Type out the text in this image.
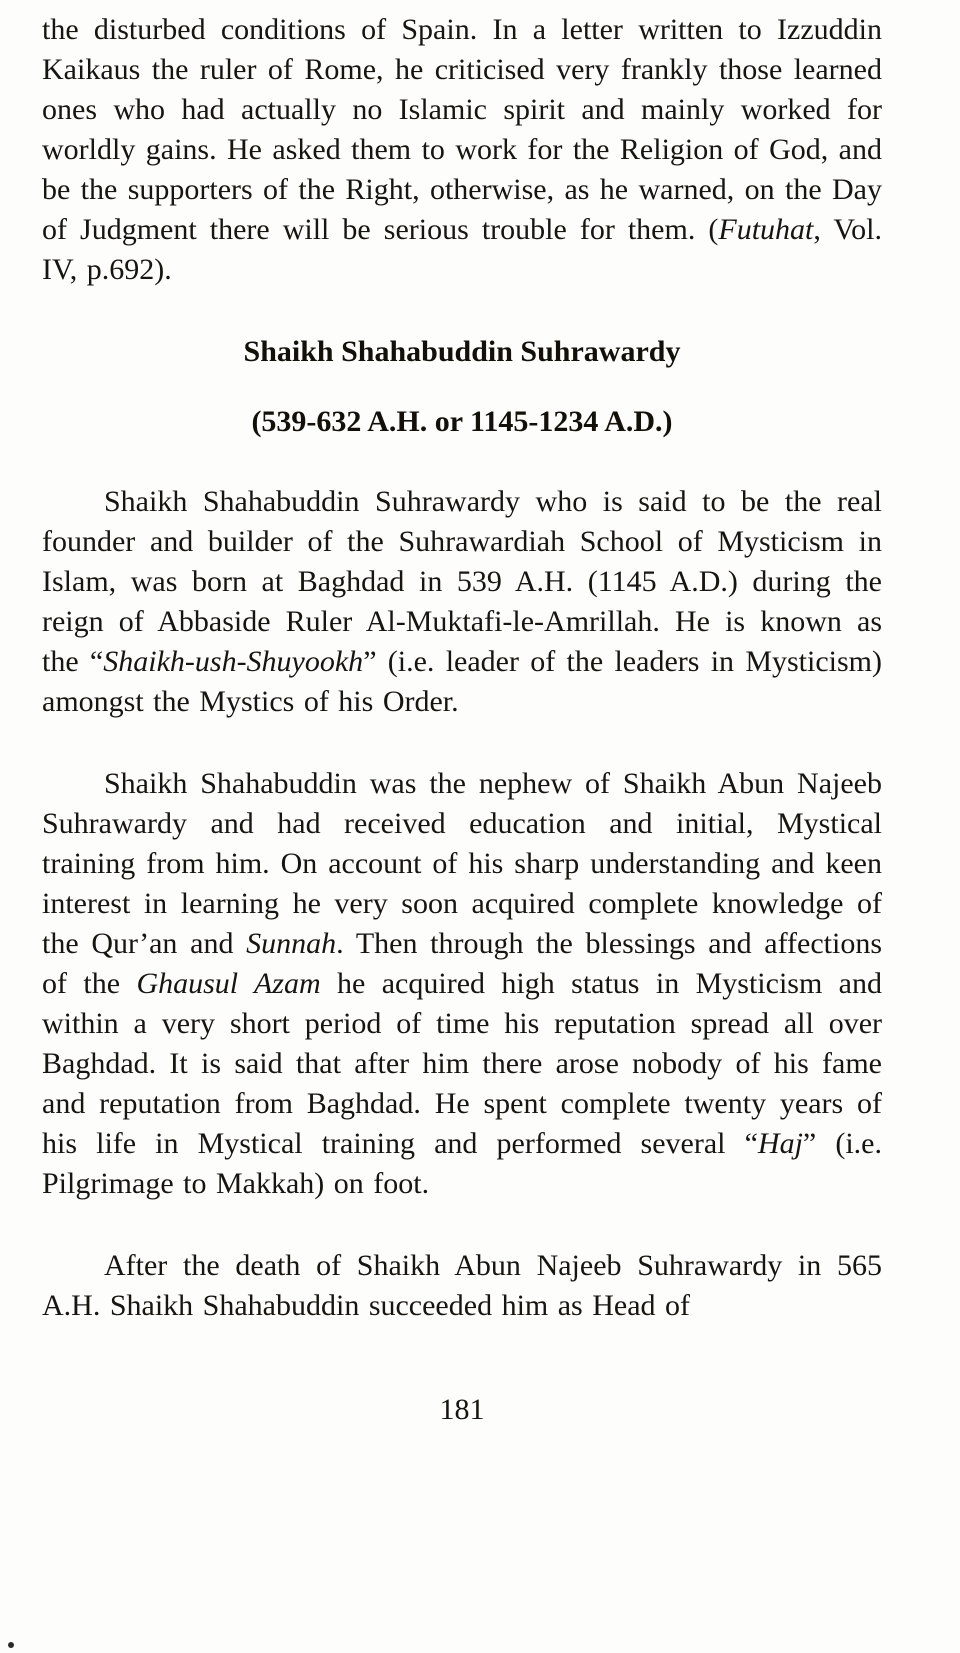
the disturbed conditions of Spain. In a letter written to Izzuddin Kaikaus the ruler of Rome, he criticised very frankly those learned ones who had actually no Islamic spirit and mainly worked for worldly gains. He asked them to work for the Religion of God, and be the supporters of the Right, otherwise, as he warned, on the Day of Judgment there will be serious trouble for them. (Futuhat, Vol. IV, p.692).

Shaikh Shahabuddin Suhrawardy
(539-632 A.H. or 1145-1234 A.D.)

Shaikh Shahabuddin Suhrawardy who is said to be the real founder and builder of the Suhrawardiah School of Mysticism in Islam, was born at Baghdad in 539 A.H. (1145 A.D.) during the reign of Abbaside Ruler Al-Muktafi-le-Amrillah. He is known as the “Shaikh-ush-Shuyookh” (i.e. leader of the leaders in Mysticism) amongst the Mystics of his Order.

Shaikh Shahabuddin was the nephew of Shaikh Abun Najeeb Suhrawardy and had received education and initial, Mystical training from him. On account of his sharp understanding and keen interest in learning he very soon acquired complete knowledge of the Qur’an and Sunnah. Then through the blessings and affections of the Ghausul Azam he acquired high status in Mysticism and within a very short period of time his reputation spread all over Baghdad. It is said that after him there arose nobody of his fame and reputation from Baghdad. He spent complete twenty years of his life in Mystical training and performed several “Haj” (i.e. Pilgrimage to Makkah) on foot.

After the death of Shaikh Abun Najeeb Suhrawardy in 565 A.H. Shaikh Shahabuddin succeeded him as Head of

181
